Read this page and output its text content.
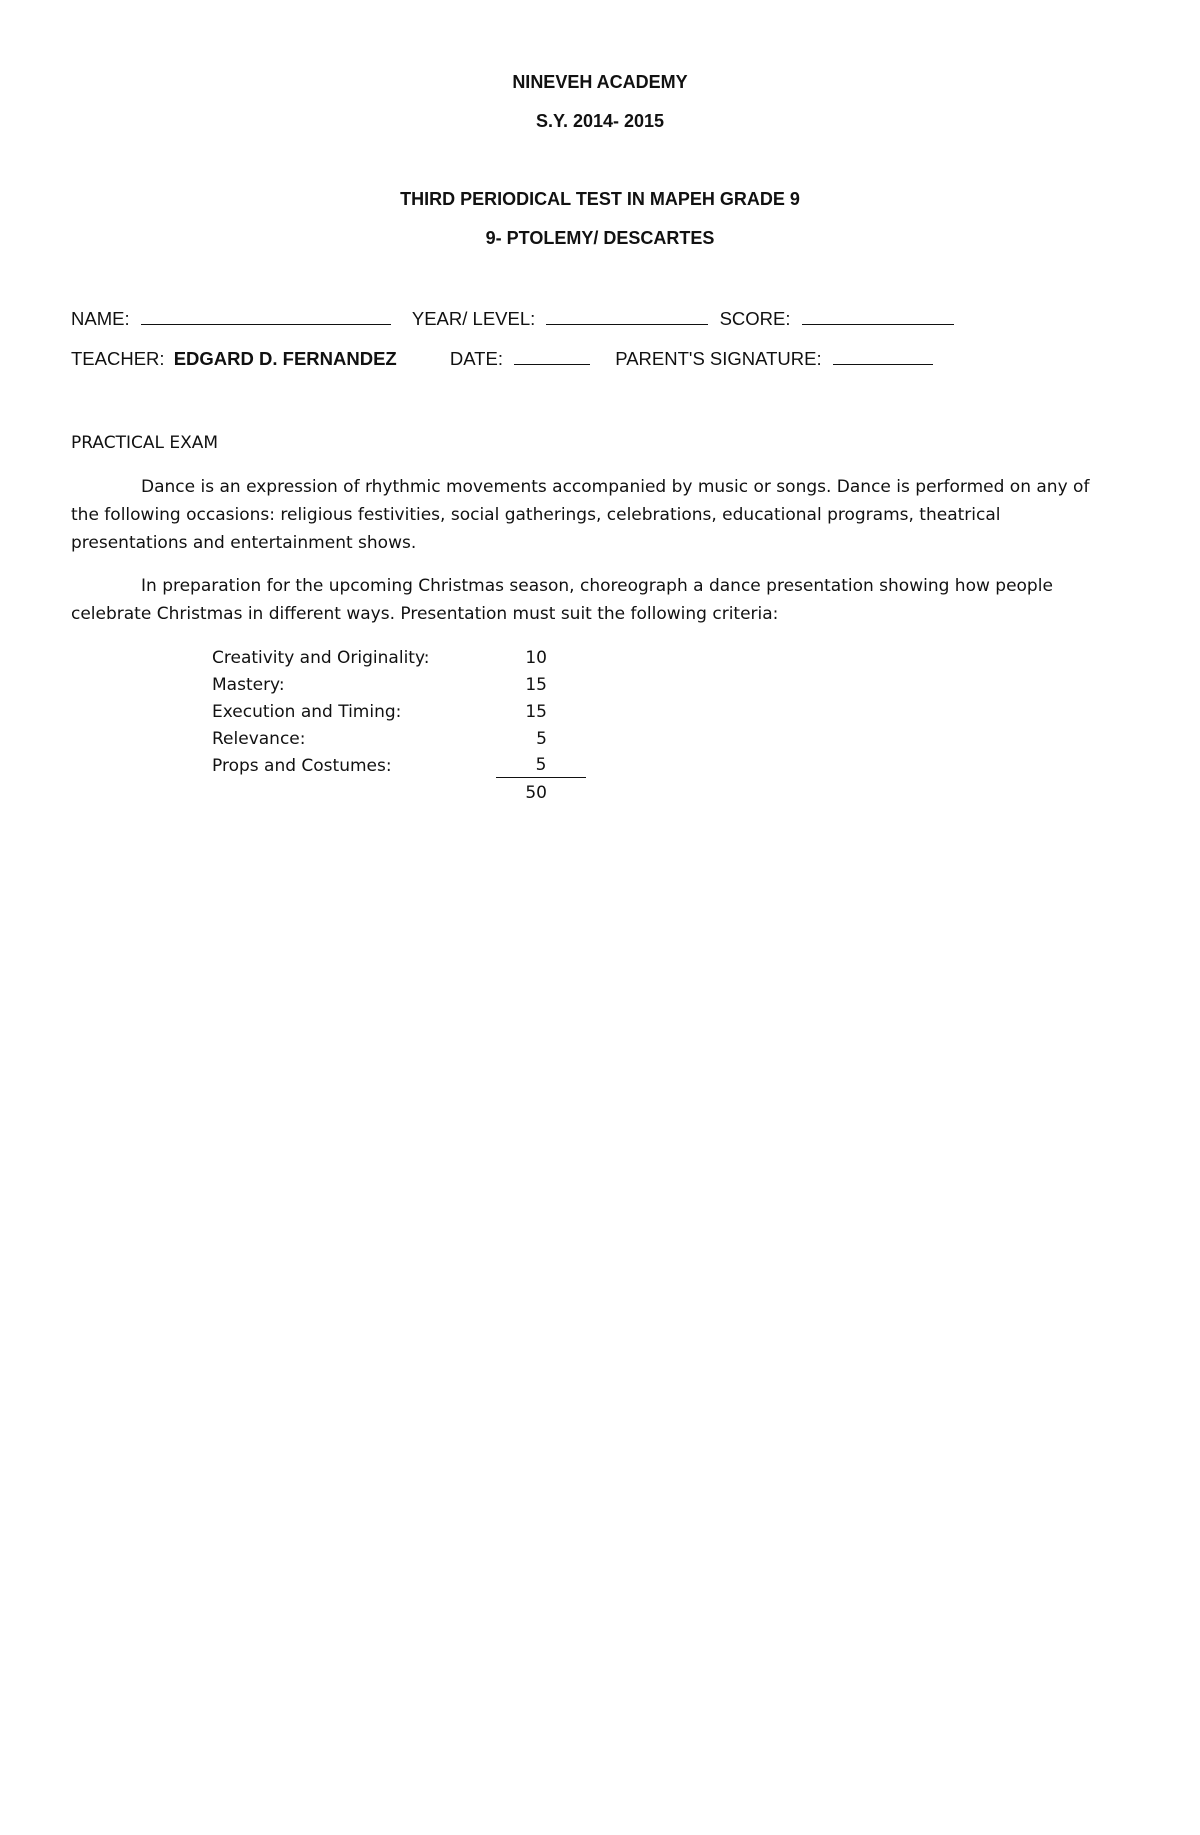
NINEVEH ACADEMY
S.Y. 2014- 2015
THIRD PERIODICAL TEST IN MAPEH GRADE 9
9- PTOLEMY/ DESCARTES
NAME:	YEAR/ LEVEL:	SCORE:
TEACHER: EDGARD D. FERNANDEZ	DATE:	PARENT'S SIGNATURE:
PRACTICAL EXAM

Dance is an expression of rhythmic movements accompanied by music or songs. Dance is performed on any of the following occasions: religious festivities, social gatherings, celebrations, educational programs, theatrical presentations and entertainment shows.

In preparation for the upcoming Christmas season, choreograph a dance presentation showing how people celebrate Christmas in different ways. Presentation must suit the following criteria:

Creativity and Originality:	10
Mastery:	15
Execution and Timing:	15
Relevance:	5
Props and Costumes:	5
50
